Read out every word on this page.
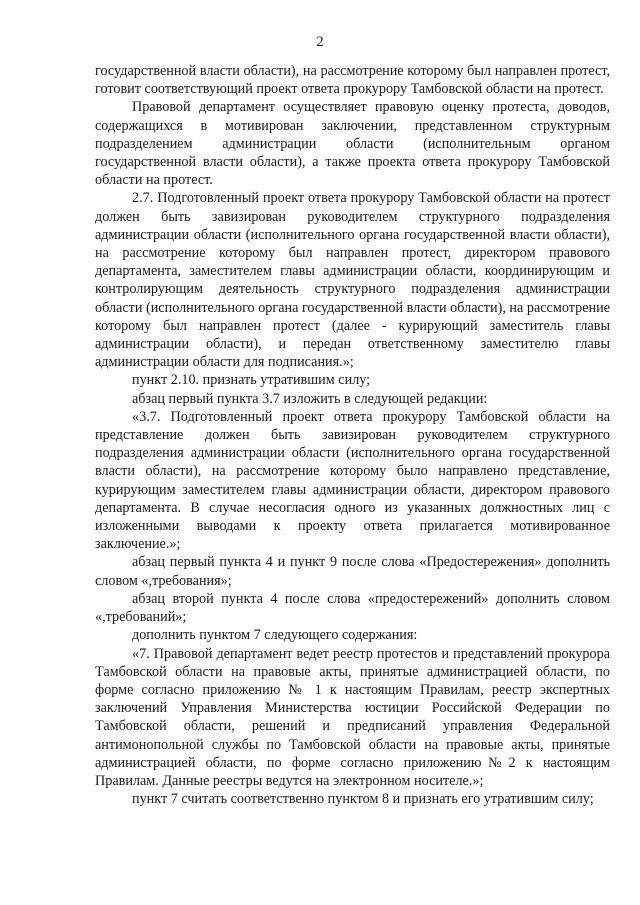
2

государственной власти области), на рассмотрение которому был направлен протест, готовит соответствующий проект ответа прокурору Тамбовской области на протест.

Правовой департамент осуществляет правовую оценку протеста, доводов, содержащихся в мотивирован заключении, представленном структурным подразделением администрации области (исполнительным органом государственной власти области), а также проекта ответа прокурору Тамбовской области на протест.

2.7. Подготовленный проект ответа прокурору Тамбовской области на протест должен быть завизирован руководителем структурного подразделения администрации области (исполнительного органа государственной власти области), на рассмотрение которому был направлен протест, директором правового департамента, заместителем главы администрации области, координирующим и контролирующим деятельность структурного подразделения администрации области (исполнительного органа государственной власти области), на рассмотрение которому был направлен протест (далее - курирующий заместитель главы администрации области), и передан ответственному заместителю главы администрации области для подписания.»;

пункт 2.10. признать утратившим силу;

абзац первый пункта 3.7 изложить в следующей редакции:

«3.7. Подготовленный проект ответа прокурору Тамбовской области на представление должен быть завизирован руководителем структурного подразделения администрации области (исполнительного органа государственной власти области), на рассмотрение которому было направлено представление, курирующим заместителем главы администрации области, директором правового департамента. В случае несогласия одного из указанных должностных лиц с изложенными выводами к проекту ответа прилагается мотивированное заключение.»;

абзац первый пункта 4 и пункт 9 после слова «Предостережения» дополнить словом «,требования»;

абзац второй пункта 4 после слова «предостережений» дополнить словом «,требований»;

дополнить пунктом 7 следующего содержания:

«7. Правовой департамент ведет реестр протестов и представлений прокурора Тамбовской области на правовые акты, принятые администрацией области, по форме согласно приложению № 1 к настоящим Правилам, реестр экспертных заключений Управления Министерства юстиции Российской Федерации по Тамбовской области, решений и предписаний управления Федеральной антимонопольной службы по Тамбовской области на правовые акты, принятые администрацией области, по форме согласно приложению№2 к настоящим Правилам. Данные реестры ведутся на электронном носителе.»;

пункт 7 считать соответственно пунктом 8 и признать его утратившим силу;
